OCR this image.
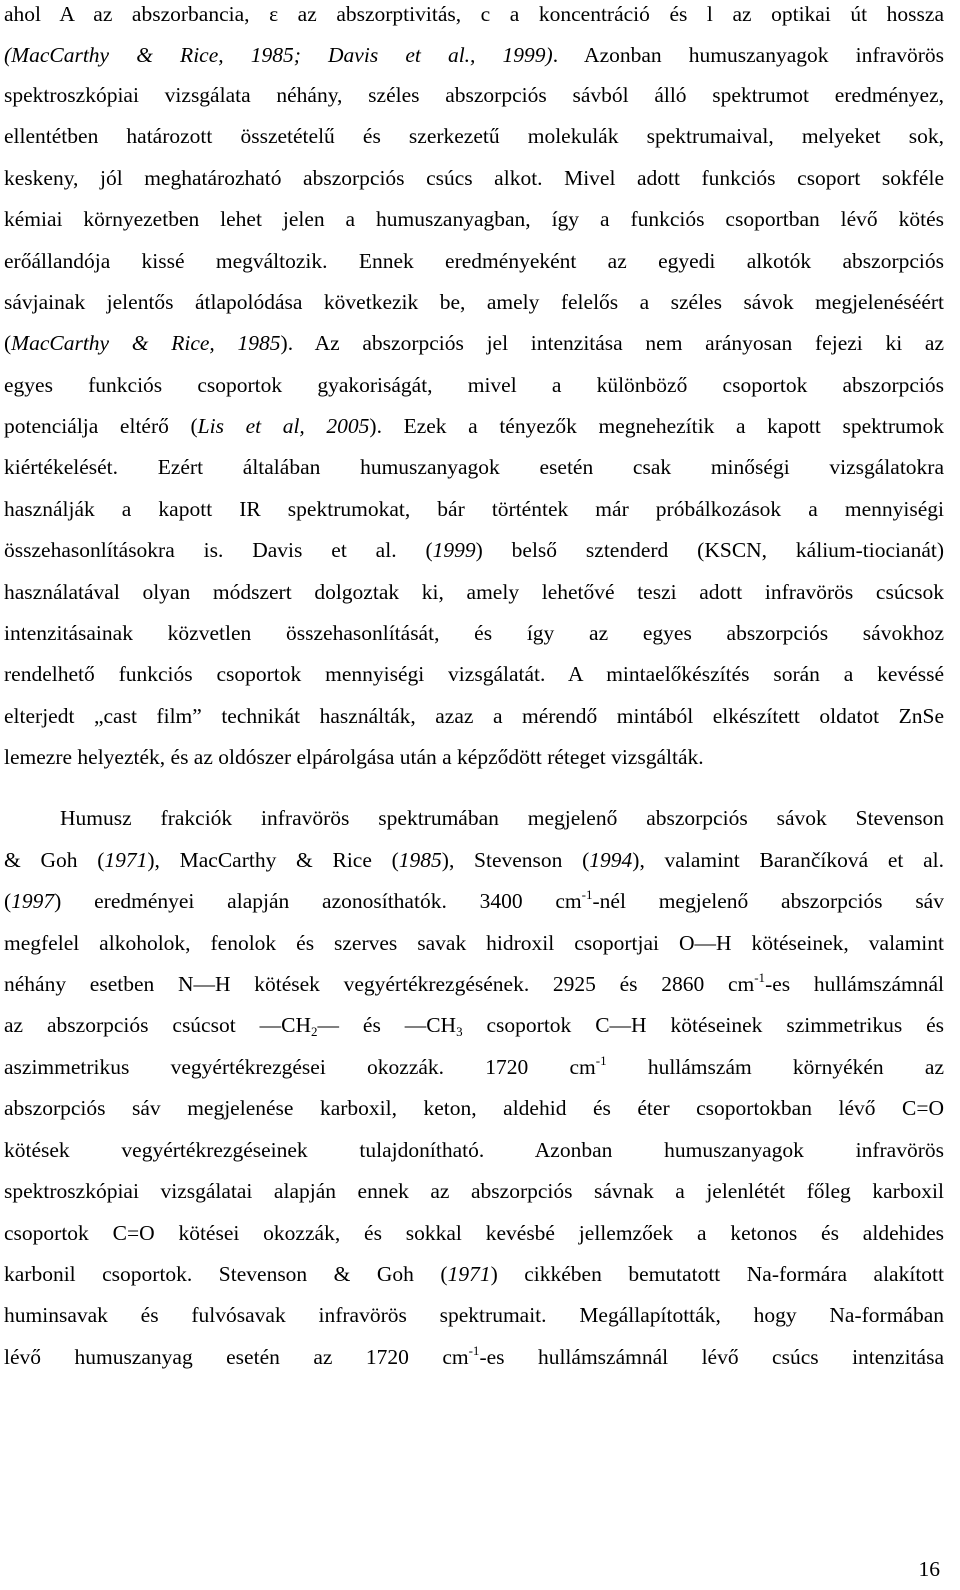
ahol A az abszorbancia, ε az abszorptivitás, c a koncentráció és l az optikai út hossza
(MacCarthy & Rice, 1985; Davis et al., 1999). Azonban humuszanyagok infravörös
spektroszkópiai vizsgálata néhány, széles abszorpciós sávból álló spektrumot eredményez,
ellentétben határozott összetételű és szerkezetű molekulák spektrumaival, melyeket sok,
keskeny, jól meghatározható abszorpciós csúcs alkot. Mivel adott funkciós csoport sokféle
kémiai környezetben lehet jelen a humuszanyagban, így a funkciós csoportban lévő kötés
erőállandója kissé megváltozik. Ennek eredményeként az egyedi alkotók abszorpciós
sávjainak jelentős átlapolódása következik be, amely felelős a széles sávok megjelenéséért
(MacCarthy & Rice, 1985). Az abszorpciós jel intenzitása nem arányosan fejezi ki az
egyes funkciós csoportok gyakoriságát, mivel a különböző csoportok abszorpciós
potenciálja eltérő (Lis et al, 2005). Ezek a tényezők megnehezítik a kapott spektrumok
kiértékelését. Ezért általában humuszanyagok esetén csak minőségi vizsgálatokra
használják a kapott IR spektrumokat, bár történtek már próbálkozások a mennyiségi
összehasonlításokra is. Davis et al. (1999) belső sztenderd (KSCN, kálium-tiocianát)
használatával olyan módszert dolgoztak ki, amely lehetővé teszi adott infravörös csúcsok
intenzitásainak közvetlen összehasonlítását, és így az egyes abszorpciós sávokhoz
rendelhető funkciós csoportok mennyiségi vizsgálatát. A mintaelőkészítés során a kevéssé
elterjedt „cast film” technikát használták, azaz a mérendő mintából elkészített oldatot ZnSe
lemezre helyezték, és az oldószer elpárolgása után a képződött réteget vizsgálták.
Humusz frakciók infravörös spektrumában megjelenő abszorpciós sávok Stevenson
& Goh (1971), MacCarthy & Rice (1985), Stevenson (1994), valamint Barančíková et al.
(1997) eredményei alapján azonosíthatók. 3400 $cm^{-1}$-nél megjelenő abszorpciós sáv
megfelel alkoholok, fenolok és szerves savak hidroxil csoportjai O—H kötéseinek, valamint
néhány esetben N—H kötések vegyértékrezgésének. 2925 és 2860 $cm^{-1}-es$ hullámszámnál
az abszorpciós csúcsot $—CH_2—$ és $—CH_3$ csoportok C—H kötéseinek szimmetrikus és
aszimmetrikus vegyértékrezgései okozzák. 1720 $cm^{-1}$ hullámszám környékén az
abszorpciós sáv megjelenése karboxil, keton, aldehid és éter csoportokban lévő C=O
kötések vegyértékrezgéseinek tulajdonítható. Azonban humuszanyagok infravörös
spektroszkópiai vizsgálatai alapján ennek az abszorpciós sávnak a jelenlétét főleg karboxil
csoportok C=O kötései okozzák, és sokkal kevésbé jellemzőek a ketonos és aldehides
karbonil csoportok. Stevenson & Goh (1971) cikkében bemutatott Na-formára alakított
huminsavak és fulvósavak infravörös spektrumait. Megállapították, hogy Na-formában
lévő humuszanyag esetén az 1720 $cm^{-1}-es$ hullámszámnál lévő csúcs intenzitása
16
